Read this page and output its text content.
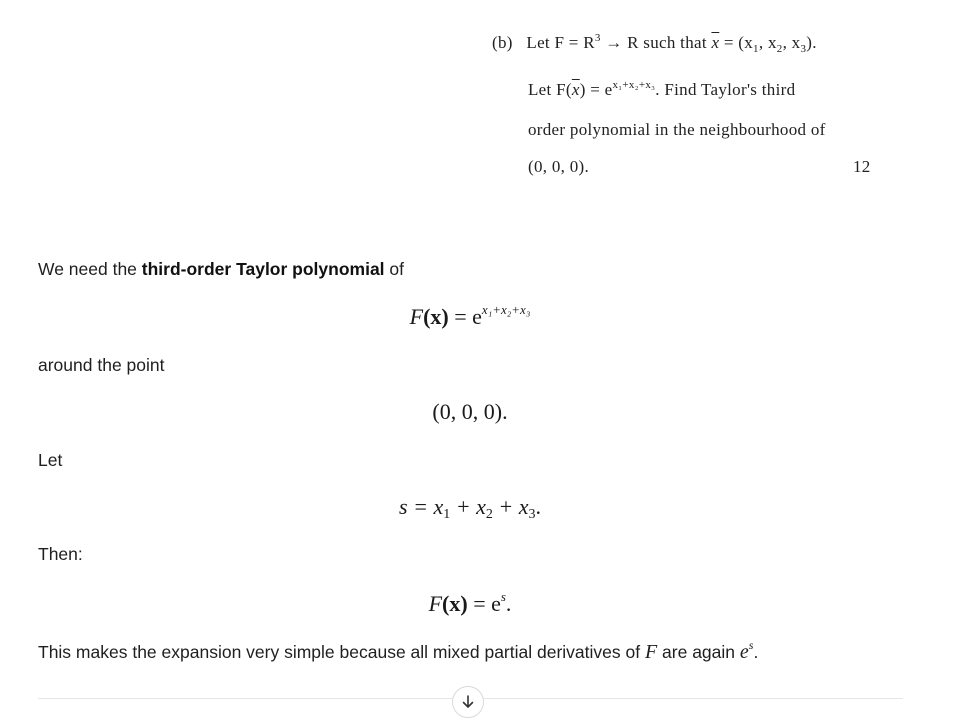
(b) Let $F = R^3 \to R$ such that $\overline{x} = (x_1$, $x_2$, $x_3$).
Let $F(\overline{x}) = e^{x_1+x_2+x_3}$. Find Taylor's third
order polynomial in the neighbourhood of
(0, 0, 0).	12
We need the third-order Taylor polynomial of
$F(x) = e^{x_1+x_2+x_3}$
around the point
(0, 0, 0).
Let
$s = x_1 + x_2 + x_3$.
Then:
$F(x) = e^s$.
This makes the expansion very simple because all mixed partial derivatives of F are again $e^s$.
